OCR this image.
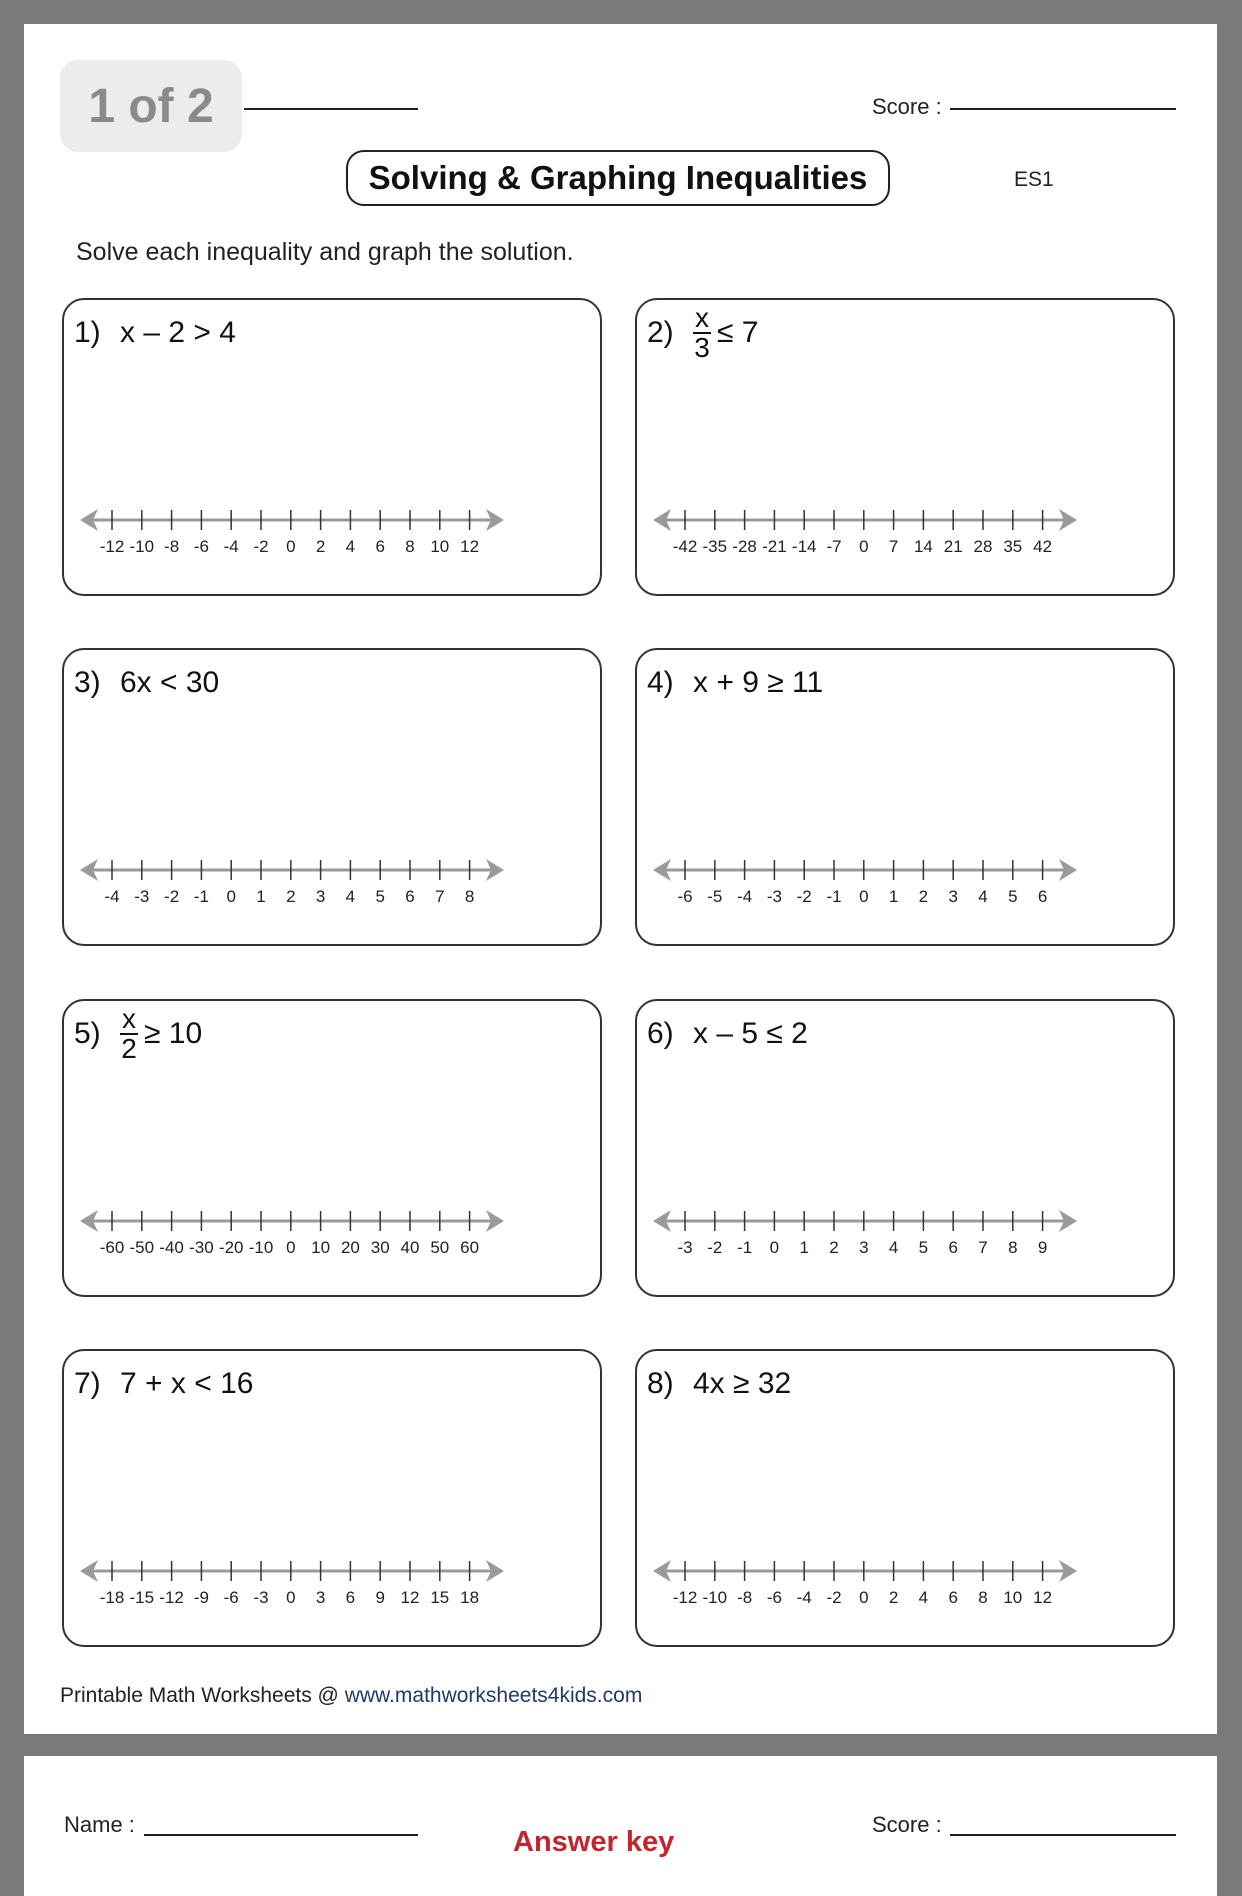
1 of 2	Score :
Solving & Graphing Inequalities	ES1
Solve each inequality and graph the solution.
1) x – 2 > 4
-12 -10 -8 -6 -4 -2 0 2 4 6 8 10 12
$2) \frac{x}{3} \le 7$
-42 -35 -28 -21 -14 -7 0 7 14 21 28 35 42
3) 6x < 30
-4 -3 -2 -1 0 1 2 3 4 5 6 7 8
4) x + 9 ≥ 11
-6 -5 -4 -3 -2 -1 0 1 2 3 4 5 6
$5) \frac{x}{2} \ge 10$
-60 -50 -40 -30 -20 -10 0 10 20 30 40 50 60
6) x – 5 ≤ 2
-3 -2 -1 0 1 2 3 4 5 6 7 8 9
7) 7 + x < 16
-18 -15 -12 -9 -6 -3 0 3 6 9 12 15 18
8) 4x ≥ 32
-12 -10 -8 -6 -4 -2 0 2 4 6 8 10 12
Printable Math Worksheets @ www.mathworksheets4kids.com
Name :	Score :
Answer key
